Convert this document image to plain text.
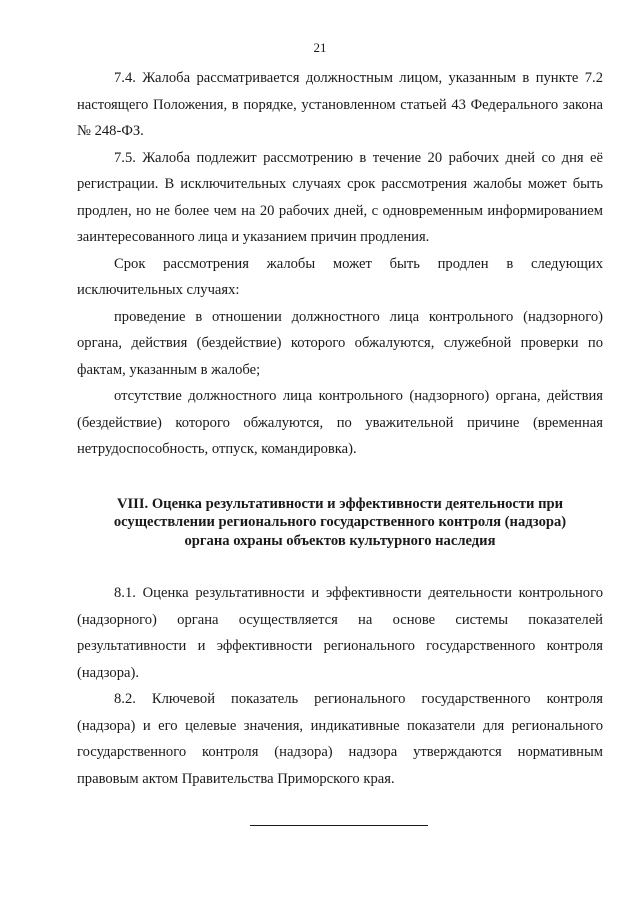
21

7.4. Жалоба рассматривается должностным лицом, указанным в пункте 7.2 настоящего Положения, в порядке, установленном статьей 43 Федерального закона № 248-ФЗ.

7.5. Жалоба подлежит рассмотрению в течение 20 рабочих дней со дня её регистрации. В исключительных случаях срок рассмотрения жалобы может быть продлен, но не более чем на 20 рабочих дней, с одновременным информированием заинтересованного лица и указанием причин продления.

Срок рассмотрения жалобы может быть продлен в следующих исключительных случаях:

проведение в отношении должностного лица контрольного (надзорного) органа, действия (бездействие) которого обжалуются, служебной проверки по фактам, указанным в жалобе;

отсутствие должностного лица контрольного (надзорного) органа, действия (бездействие) которого обжалуются, по уважительной причине (временная нетрудоспособность, отпуск, командировка).

VIII. Оценка результативности и эффективности деятельности при
осуществлении регионального государственного контроля (надзора)
органа охраны объектов культурного наследия

8.1. Оценка результативности и эффективности деятельности контрольного (надзорного) органа осуществляется на основе системы показателей результативности и эффективности регионального государственного контроля (надзора).

8.2. Ключевой показатель регионального государственного контроля (надзора) и его целевые значения, индикативные показатели для регионального государственного контроля (надзора) надзора утверждаются нормативным правовым актом Правительства Приморского края.
